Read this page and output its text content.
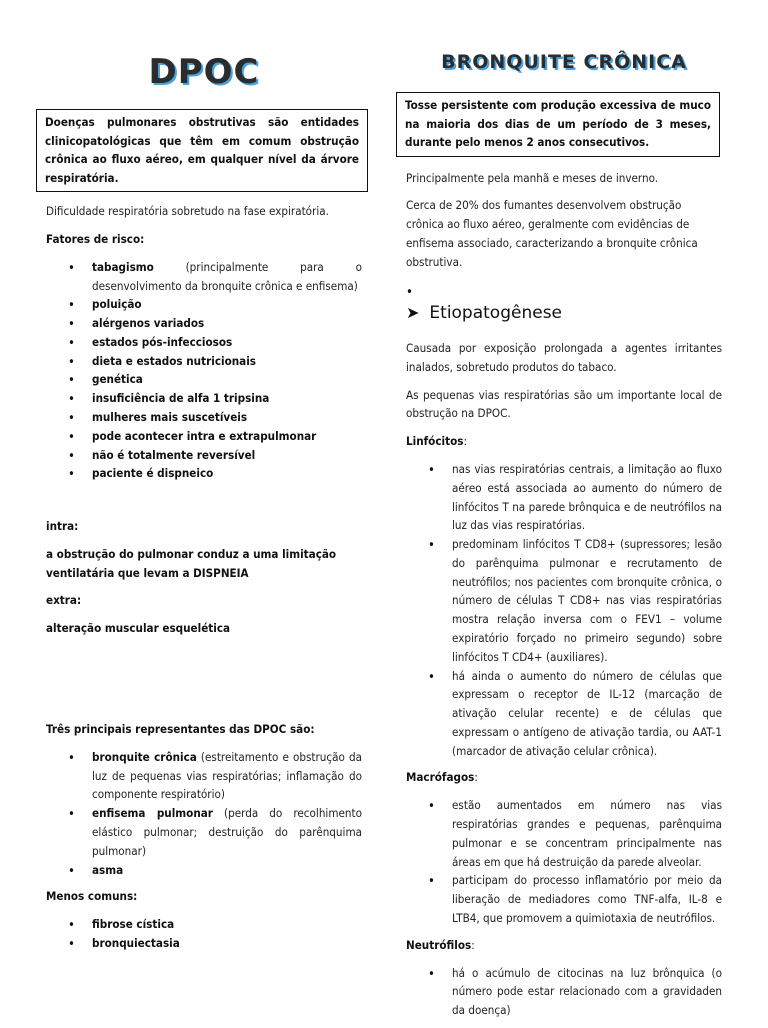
DPOC
Doenças pulmonares obstrutivas são entidades clinicopatológicas que têm em comum obstrução crônica ao fluxo aéreo, em qualquer nível da árvore respiratória.

Dificuldade respiratória sobretudo na fase expiratória.

Fatores de risco:

• tabagismo (principalmente para o desenvolvimento da bronquite crônica e enfisema)
• poluição
• alérgenos variados
• estados pós-infecciosos
• dieta e estados nutricionais
• genética
• insuficiência de alfa 1 tripsina
• mulheres mais suscetíveis
• pode acontecer intra e extrapulmonar
• não é totalmente reversível
• paciente é dispneico

intra:

a obstrução do pulmonar conduz a uma limitação ventilatária que levam a DISPNEIA

extra:

alteração muscular esquelética

Três principais representantes das DPOC são:

• bronquite crônica (estreitamento e obstrução da luz de pequenas vias respiratórias; inflamação do componente respiratório)
• enfisema pulmonar (perda do recolhimento elástico pulmonar; destruição do parênquima pulmonar)
• asma

Menos comuns:

• fibrose cística
• bronquiectasia
BRONQUITE CRÔNICA
Tosse persistente com produção excessiva de muco na maioria dos dias de um período de 3 meses, durante pelo menos 2 anos consecutivos.

Principalmente pela manhã e meses de inverno.

Cerca de 20% dos fumantes desenvolvem obstrução crônica ao fluxo aéreo, geralmente com evidências de enfisema associado, caracterizando a bronquite crônica obstrutiva.

•
➤ Etiopatogênese

Causada por exposição prolongada a agentes irritantes inalados, sobretudo produtos do tabaco.

As pequenas vias respiratórias são um importante local de obstrução na DPOC.

Linfócitos:

• nas vias respiratórias centrais, a limitação ao fluxo aéreo está associada ao aumento do número de linfócitos T na parede brônquica e de neutrófilos na luz das vias respiratórias.
• predominam linfócitos T CD8+ (supressores; lesão do parênquima pulmonar e recrutamento de neutrófilos; nos pacientes com bronquite crônica, o número de células T CD8+ nas vias respiratórias mostra relação inversa com o FEV1 – volume expiratório forçado no primeiro segundo) sobre linfócitos T CD4+ (auxiliares).
• há ainda o aumento do número de células que expressam o receptor de IL-12 (marcação de ativação celular recente) e de células que expressam o antígeno de ativação tardia, ou AAT-1 (marcador de ativação celular crônica).

Macrófagos:

• estão aumentados em número nas vias respiratórias grandes e pequenas, parênquima pulmonar e se concentram principalmente nas áreas em que há destruição da parede alveolar.
• participam do processo inflamatório por meio da liberação de mediadores como TNF-alfa, IL-8 e LTB4, que promovem a quimiotaxia de neutrófilos.

Neutrófilos:

• há o acúmulo de citocinas na luz brônquica (o número pode estar relacionado com a gravidaden da doença)
